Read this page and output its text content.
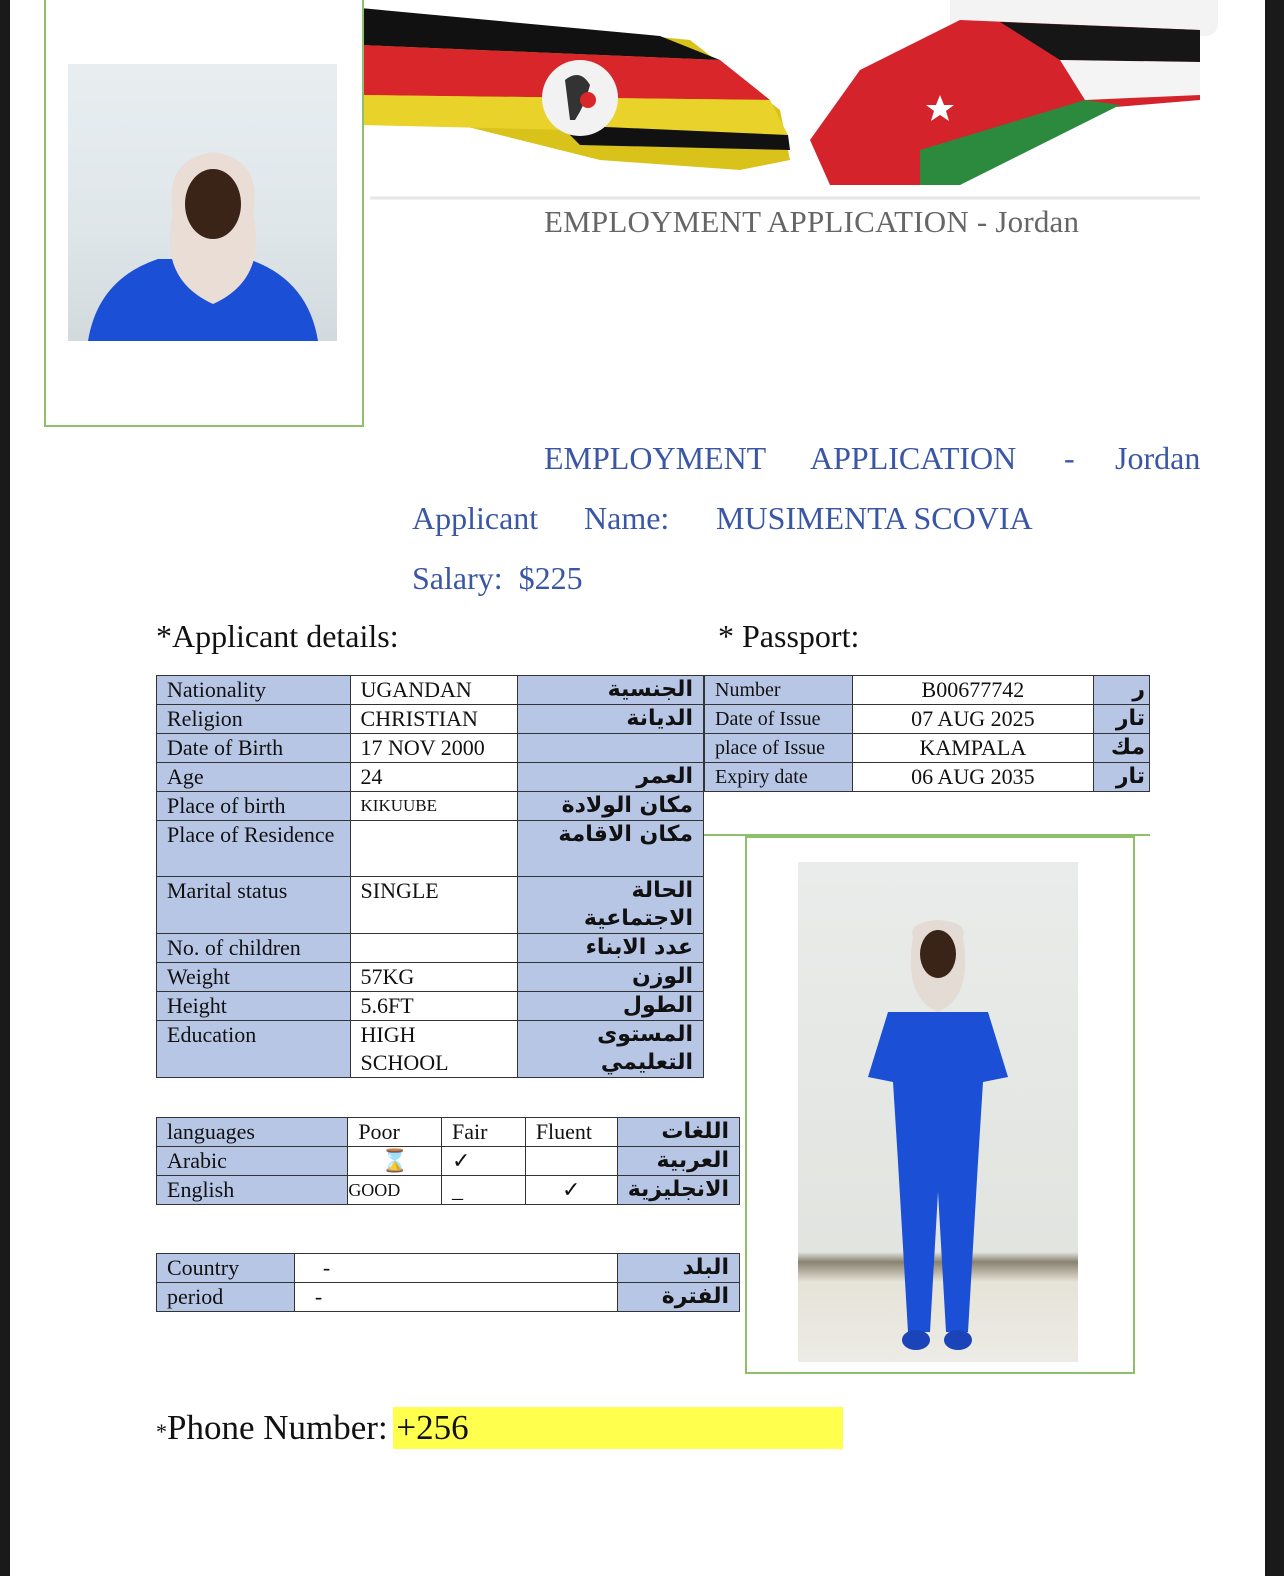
EMPLOYMENT APPLICATION - Jordan
EMPLOYMENT APPLICATION - Jordan
Applicant Name: MUSIMENTA SCOVIA
Salary: $225
*Applicant details:	* Passport:
Nationality	UGANDAN	الجنسية
Religion	CHRISTIAN	الديانة
Date of Birth	17 NOV 2000	
Age	24	العمر
Place of birth	KIKUUBE	مكان الولادة
Place of Residence		مكان الاقامة
Marital status	SINGLE	الحالة الاجتماعية
No. of children		عدد الابناء
Weight	57KG	الوزن
Height	5.6FT	الطول
Education	HIGH SCHOOL	المستوى التعليمي
Number	B00677742	ر
Date of Issue	07 AUG 2025	تار
place of Issue	KAMPALA	مك
Expiry date	06 AUG 2035	تار
languages	Poor	Fair	Fluent	اللغات
Arabic	⌛	✓		العربية
English	GOOD	_	✓	الانجليزية
Country	-	البلد
period	-	الفترة
*Phone Number: +256
